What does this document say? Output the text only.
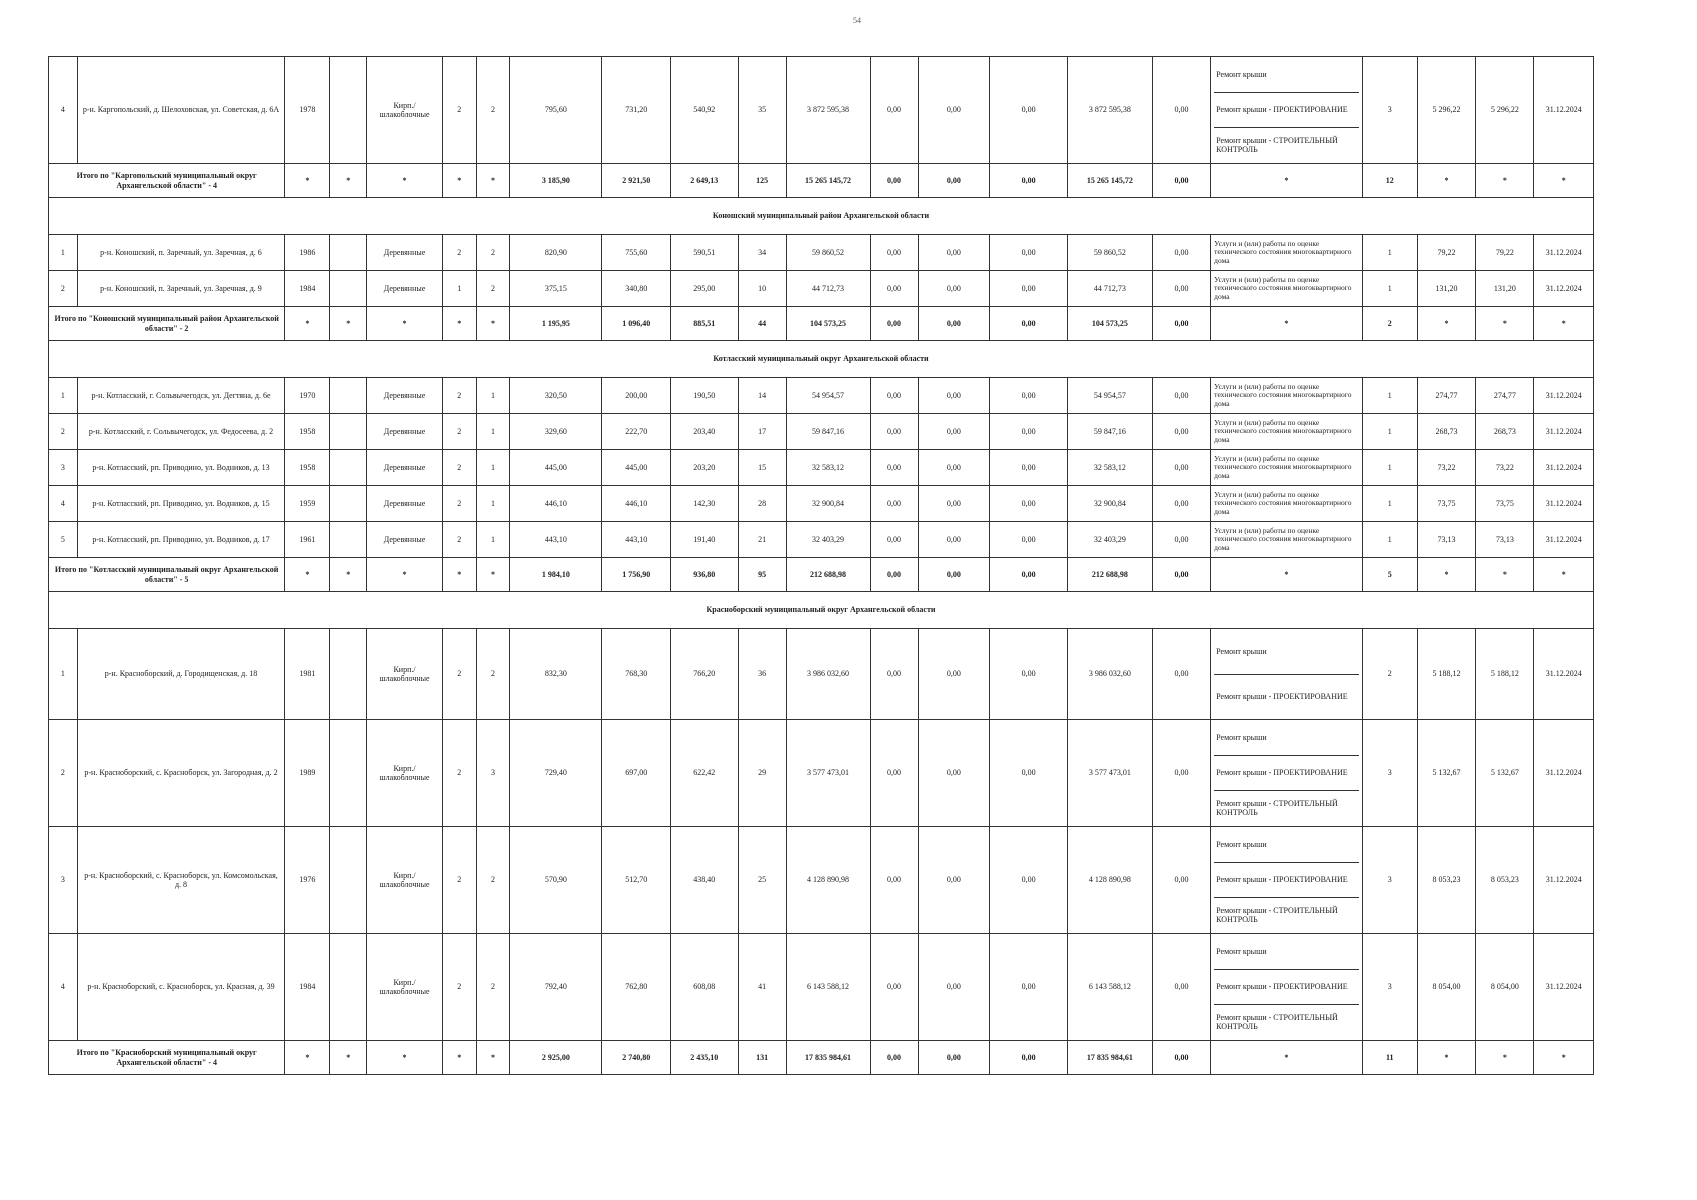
54
4	р-н. Каргопольский, д. Шелоховская, ул. Советская, д. 6А	1978		Кирп./ шлакоблочные	2	2	795,60	731,20	540,92	35	3 872 595,38	0,00	0,00	0,00	3 872 595,38	0,00	Ремонт крыши
Ремонт крыши - ПРОЕКТИРОВАНИЕ
Ремонт крыши - СТРОИТЕЛЬНЫЙ КОНТРОЛЬ	3	5 296,22	5 296,22	31.12.2024
Итого по "Каргопольский муниципальный округ Архангельской области" - 4		*	*	*	*	*	3 185,90	2 921,50	2 649,13	125	15 265 145,72	0,00	0,00	0,00	15 265 145,72	0,00	*	12	*	*	*
Коношский муниципальный район Архангельской области																					
1	р-н. Коношский, п. Заречный, ул. Заречная, д. 6	1986		Деревянные	2	2	820,90	755,60	590,51	34	59 860,52	0,00	0,00	0,00	59 860,52	0,00	Услуги и (или) работы по оценке технического состояния многоквартирного дома	1	79,22	79,22	31.12.2024
2	р-н. Коношский, п. Заречный, ул. Заречная, д. 9	1984		Деревянные	1	2	375,15	340,80	295,00	10	44 712,73	0,00	0,00	0,00	44 712,73	0,00	Услуги и (или) работы по оценке технического состояния многоквартирного дома	1	131,20	131,20	31.12.2024
Итого по "Коношский муниципальный район Архангельской области" - 2		*	*	*	*	*	1 195,95	1 096,40	885,51	44	104 573,25	0,00	0,00	0,00	104 573,25	0,00	*	2	*	*	*
Котласский муниципальный округ Архангельской области																					
1	р-н. Котласский, г. Сольвычегодск, ул. Дегтяна, д. 6е	1970		Деревянные	2	1	320,50	200,00	190,50	14	54 954,57	0,00	0,00	0,00	54 954,57	0,00	Услуги и (или) работы по оценке технического состояния многоквартирного дома	1	274,77	274,77	31.12.2024
2	р-н. Котласский, г. Сольвычегодск, ул. Федосеева, д. 2	1958		Деревянные	2	1	329,60	222,70	203,40	17	59 847,16	0,00	0,00	0,00	59 847,16	0,00	Услуги и (или) работы по оценке технического состояния многоквартирного дома	1	268,73	268,73	31.12.2024
3	р-н. Котласский, рп. Приводино, ул. Водников, д. 13	1958		Деревянные	2	1	445,00	445,00	203,20	15	32 583,12	0,00	0,00	0,00	32 583,12	0,00	Услуги и (или) работы по оценке технического состояния многоквартирного дома	1	73,22	73,22	31.12.2024
4	р-н. Котласский, рп. Приводино, ул. Водников, д. 15	1959		Деревянные	2	1	446,10	446,10	142,30	28	32 900,84	0,00	0,00	0,00	32 900,84	0,00	Услуги и (или) работы по оценке технического состояния многоквартирного дома	1	73,75	73,75	31.12.2024
5	р-н. Котласский, рп. Приводино, ул. Водников, д. 17	1961		Деревянные	2	1	443,10	443,10	191,40	21	32 403,29	0,00	0,00	0,00	32 403,29	0,00	Услуги и (или) работы по оценке технического состояния многоквартирного дома	1	73,13	73,13	31.12.2024
Итого по "Котласский муниципальный округ Архангельской области" - 5		*	*	*	*	*	1 984,10	1 756,90	936,80	95	212 688,98	0,00	0,00	0,00	212 688,98	0,00	*	5	*	*	*
Красноборский муниципальный округ Архангельской области																					
1	р-н. Красноборский, д. Городищенская, д. 18	1981		Кирп./ шлакоблочные	2	2	832,30	768,30	766,20	36	3 986 032,60	0,00	0,00	0,00	3 986 032,60	0,00	Ремонт крыши
Ремонт крыши - ПРОЕКТИРОВАНИЕ	2	5 188,12	5 188,12	31.12.2024
2	р-н. Красноборский, с. Красноборск, ул. Загородная, д. 2	1989		Кирп./ шлакоблочные	2	3	729,40	697,00	622,42	29	3 577 473,01	0,00	0,00	0,00	3 577 473,01	0,00	Ремонт крыши
Ремонт крыши - ПРОЕКТИРОВАНИЕ
Ремонт крыши - СТРОИТЕЛЬНЫЙ КОНТРОЛЬ	3	5 132,67	5 132,67	31.12.2024
3	р-н. Красноборский, с. Красноборск, ул. Комсомольская, д. 8	1976		Кирп./ шлакоблочные	2	2	570,90	512,70	438,40	25	4 128 890,98	0,00	0,00	0,00	4 128 890,98	0,00	Ремонт крыши
Ремонт крыши - ПРОЕКТИРОВАНИЕ
Ремонт крыши - СТРОИТЕЛЬНЫЙ КОНТРОЛЬ	3	8 053,23	8 053,23	31.12.2024
4	р-н. Красноборский, с. Красноборск, ул. Красная, д. 39	1984		Кирп./ шлакоблочные	2	2	792,40	762,80	608,08	41	6 143 588,12	0,00	0,00	0,00	6 143 588,12	0,00	Ремонт крыши
Ремонт крыши - ПРОЕКТИРОВАНИЕ
Ремонт крыши - СТРОИТЕЛЬНЫЙ КОНТРОЛЬ	3	8 054,00	8 054,00	31.12.2024
Итого по "Красноборский муниципальный округ Архангельской области" - 4		*	*	*	*	*	2 925,00	2 740,80	2 435,10	131	17 835 984,61	0,00	0,00	0,00	17 835 984,61	0,00	*	11	*	*	*
